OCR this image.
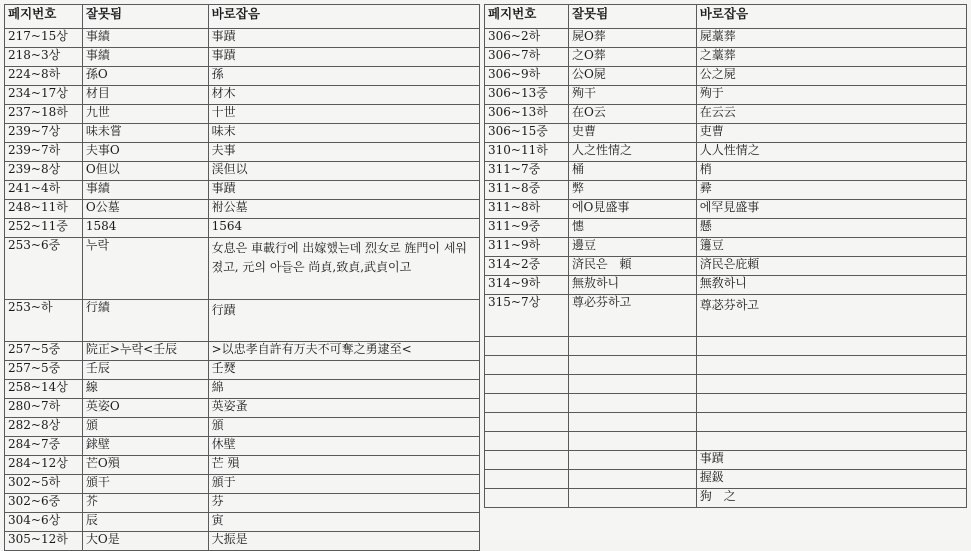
페지번호	잘못됨	바로잡음
217~15상	事績	事蹟
218~3상	事績	事蹟
224~8하	孫O	孫
234~17상	材目	材木
237~18하	九世	十世
239~7상	味未嘗	味末
239~7하	夫事O	夫事
239~8상	O但以	渓但以
241~4하	事績	事蹟
248~11하	O公墓	祔公墓
252~11중	1584	1564
253~6중	누락	女息은 車載行에 出嫁했는데 烈女로 旌門이 세워졌고, 元의 아들은 尚貞,致貞,武貞이고
253~하	行績	行蹟
257~5중	院正>누락<壬辰	>以忠孝自許有万夫不可奪之勇逮至<
257~5중	壬辰	壬燹
258~14상	線	綿
280~7하	英姿O	英姿蚤
282~8상	頒	頒
284~7중	銶壁	休壁
284~12상	芒O殞	芒 殞
302~5하	頒干	頒于
302~6중	芥	芬
304~6상	辰	寅
305~12하	大O是	大振是
페지번호	잘못됨	바로잡음
306~2하	屍O葬	屍藁葬
306~7하	之O葬	之藁葬
306~9하	公O屍	公之屍
306~13중	殉干	殉于
306~13하	在O云	在云云
306~15중	史曹	吏曹
310~11하	人之性情之	人人性情之
311~7중	桶	梢
311~8중	弊	彛
311~8하	에O見盛事	에罕見盛事
311~9중	憓	懸
311~9하	邊豆	籩豆
314~2중	済民은　頼	済民은庇頼
314~9하	無敖하니	無敎하니
315~7상	尊必芬하고	尊苾芬하고

		事蹟
		握鈒
		狗　之
